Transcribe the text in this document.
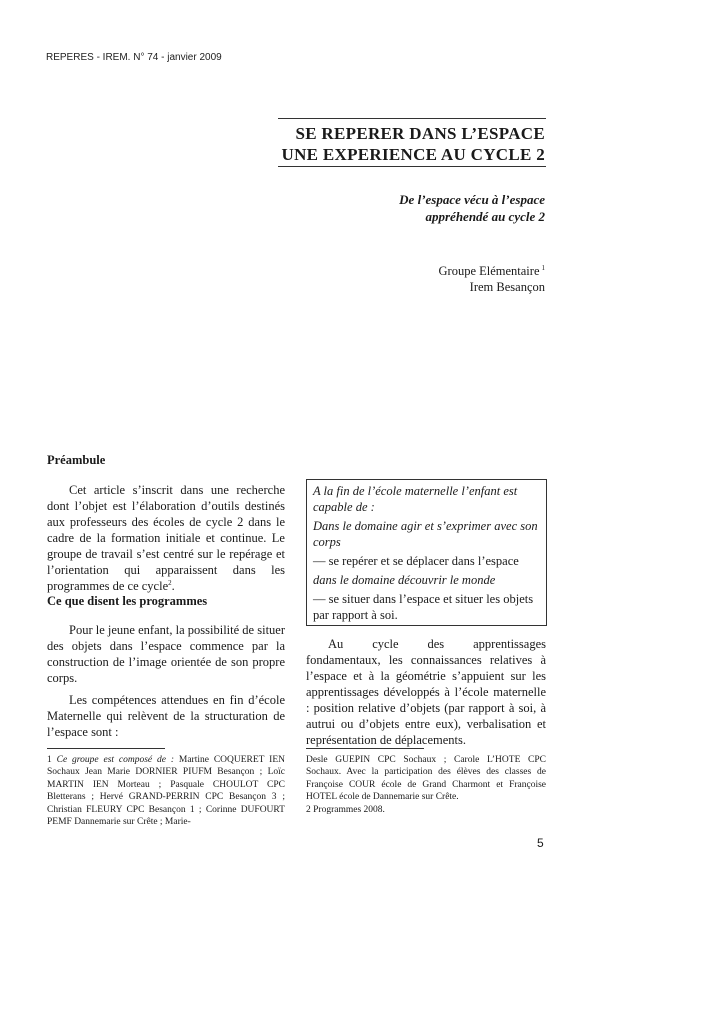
REPERES - IREM. N° 74 - janvier 2009
SE REPERER DANS L’ESPACE
UNE EXPERIENCE AU CYCLE 2
De l’espace vécu à l’espace
appréhendé au cycle 2
Groupe Elémentaire $^1$
Irem Besançon
Préambule
Cet article s’inscrit dans une recherche dont l’objet est l’élaboration d’outils destinés aux professeurs des écoles de cycle 2 dans le cadre de la formation initiale et continue. Le groupe de travail s’est centré sur le repérage et l’orientation qui apparaissent dans les programmes de ce cycle$^2$.
Ce que disent les programmes
Pour le jeune enfant, la possibilité de situer des objets dans l’espace commence par la construction de l’image orientée de son propre corps.
Les compétences attendues en fin d’école Maternelle qui relèvent de la structuration de l’espace sont :

A la fin de l’école maternelle l’enfant est capable de :

Dans le domaine agir et s’exprimer avec son corps

— se repérer et se déplacer dans l’espace

dans le domaine découvrir le monde

— se situer dans l’espace et situer les objets par rapport à soi.

Au cycle des apprentissages fondamentaux, les connaissances relatives à l’espace et à la géométrie s’appuient sur les apprentissages développés à l’école maternelle : position relative d’objets (par rapport à soi, à autrui ou d’objets entre eux), verbalisation et représentation de déplacements.
1 Ce groupe est composé de : Martine COQUERET IEN Sochaux Jean Marie DORNIER PIUFM Besançon ; Loïc MARTIN IEN Morteau ; Pasquale CHOULOT CPC Bletterans ; Hervé GRAND-PERRIN CPC Besançon 3 ; Christian FLEURY CPC Besançon 1 ; Corinne DUFOURT PEMF Dannemarie sur Crête ; Marie-
Desle GUEPIN CPC Sochaux ; Carole L’HOTE CPC Sochaux. Avec la participation des élèves des classes de Françoise COUR école de Grand Charmont et Françoise HOTEL école de Dannemarie sur Crête.
2 Programmes 2008.
5
